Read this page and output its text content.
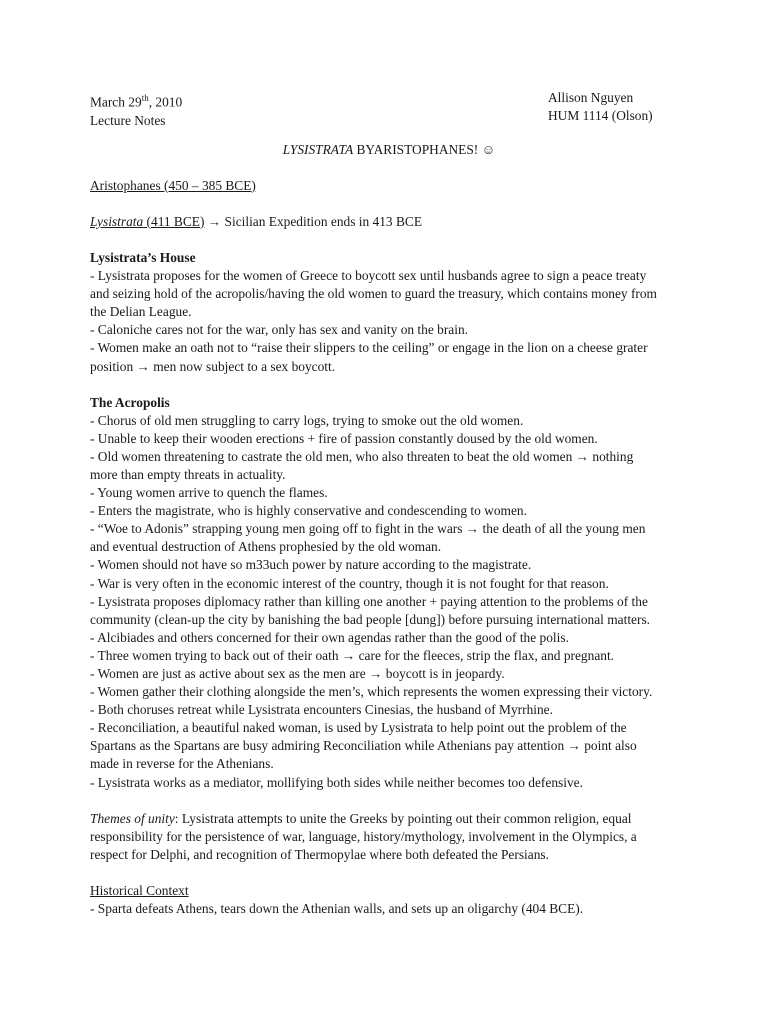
March 29th, 2010
Lecture Notes
Allison Nguyen
HUM 1114 (Olson)
LYSISTRATA BYARISTOPHANES! ☺
Aristophanes (450 – 385 BCE)
Lysistrata (411 BCE) → Sicilian Expedition ends in 413 BCE
Lysistrata’s House
- Lysistrata proposes for the women of Greece to boycott sex until husbands agree to sign a peace treaty
and seizing hold of the acropolis/having the old women to guard the treasury, which contains money from
the Delian League.
- Caloniche cares not for the war, only has sex and vanity on the brain.
- Women make an oath not to “raise their slippers to the ceiling” or engage in the lion on a cheese grater
position → men now subject to a sex boycott.
The Acropolis
- Chorus of old men struggling to carry logs, trying to smoke out the old women.
- Unable to keep their wooden erections + fire of passion constantly doused by the old women.
- Old women threatening to castrate the old men, who also threaten to beat the old women → nothing
more than empty threats in actuality.
- Young women arrive to quench the flames.
- Enters the magistrate, who is highly conservative and condescending to women.
- “Woe to Adonis” strapping young men going off to fight in the wars → the death of all the young men
and eventual destruction of Athens prophesied by the old woman.
- Women should not have so m33uch power by nature according to the magistrate.
- War is very often in the economic interest of the country, though it is not fought for that reason.
- Lysistrata proposes diplomacy rather than killing one another + paying attention to the problems of the
community (clean-up the city by banishing the bad people [dung]) before pursuing international matters.
- Alcibiades and others concerned for their own agendas rather than the good of the polis.
- Three women trying to back out of their oath → care for the fleeces, strip the flax, and pregnant.
- Women are just as active about sex as the men are → boycott is in jeopardy.
- Women gather their clothing alongside the men’s, which represents the women expressing their victory.
- Both choruses retreat while Lysistrata encounters Cinesias, the husband of Myrrhine.
- Reconciliation, a beautiful naked woman, is used by Lysistrata to help point out the problem of the
Spartans as the Spartans are busy admiring Reconciliation while Athenians pay attention → point also
made in reverse for the Athenians.
- Lysistrata works as a mediator, mollifying both sides while neither becomes too defensive.
Themes of unity: Lysistrata attempts to unite the Greeks by pointing out their common religion, equal
responsibility for the persistence of war, language, history/mythology, involvement in the Olympics, a
respect for Delphi, and recognition of Thermopylae where both defeated the Persians.
Historical Context
- Sparta defeats Athens, tears down the Athenian walls, and sets up an oligarchy (404 BCE).
